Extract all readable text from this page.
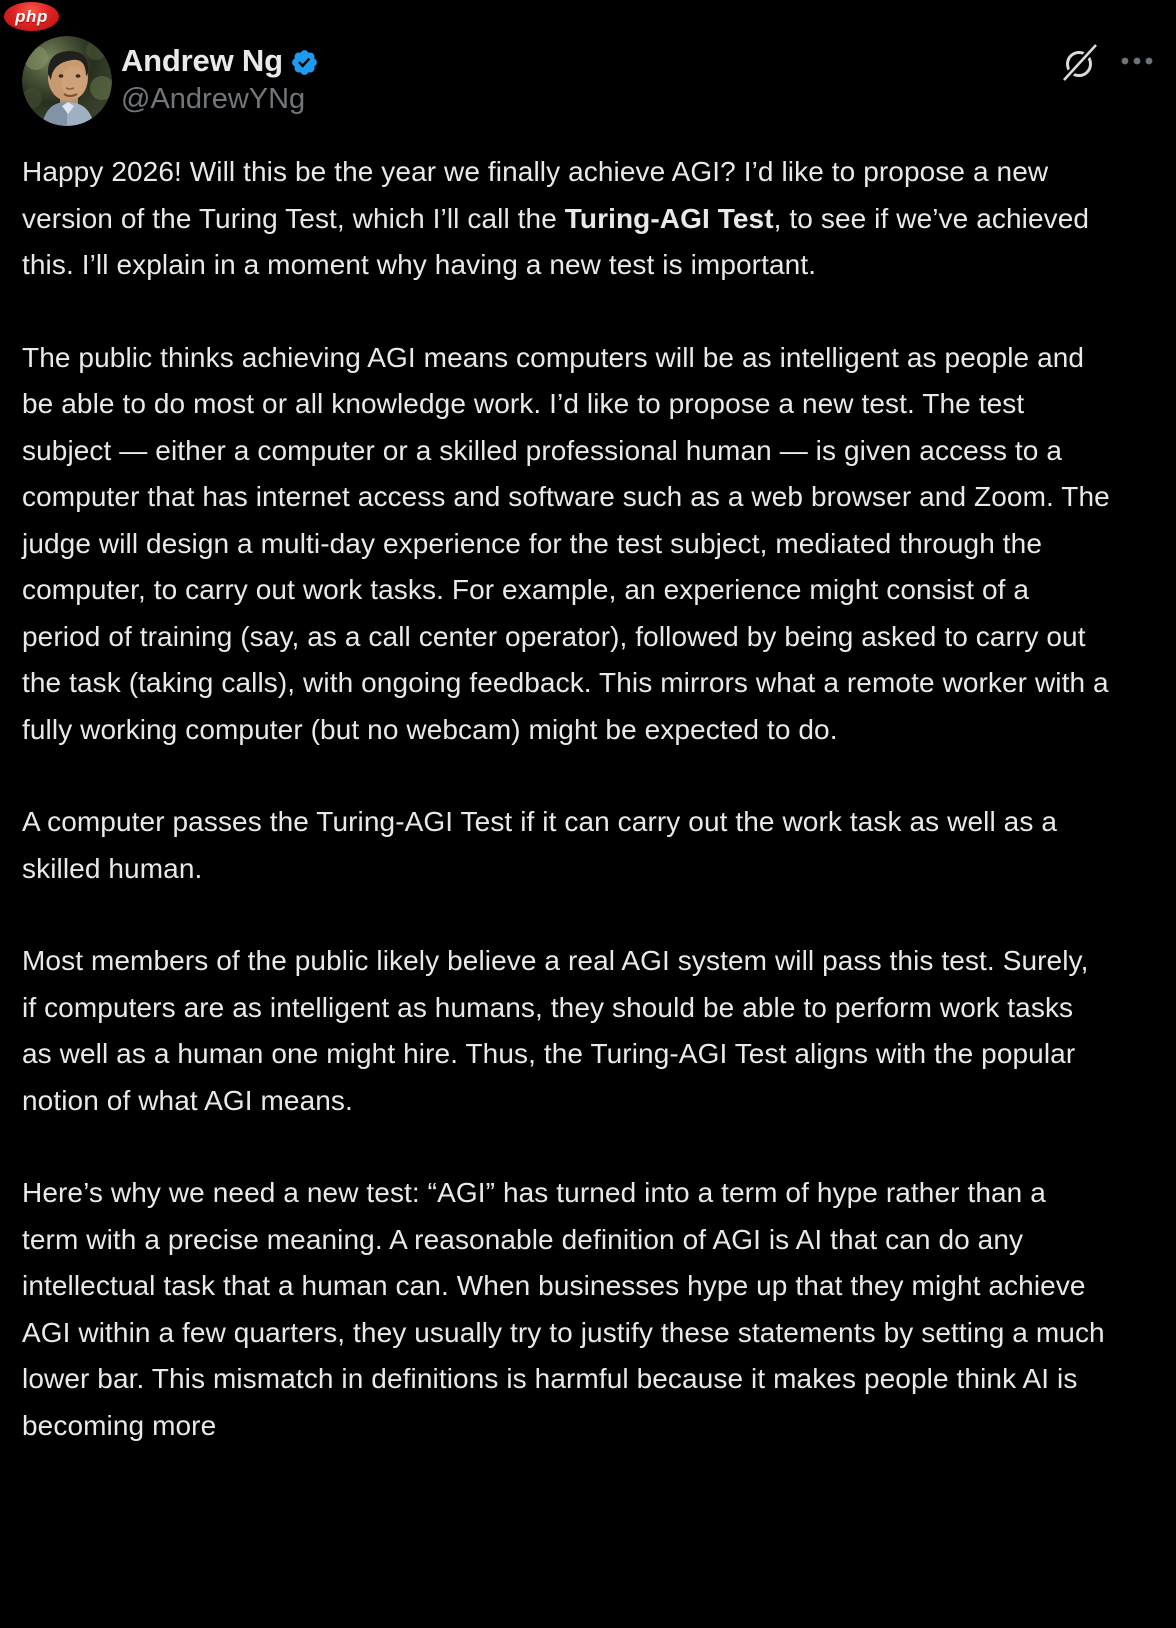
php
Andrew Ng
@AndrewYNg

Happy 2026! Will this be the year we finally achieve AGI? I’d like to propose a new version of the Turing Test, which I’ll call the Turing-AGI Test, to see if we’ve achieved this. I’ll explain in a moment why having a new test is important.

The public thinks achieving AGI means computers will be as intelligent as people and be able to do most or all knowledge work. I’d like to propose a new test. The test subject — either a computer or a skilled professional human — is given access to a computer that has internet access and software such as a web browser and Zoom. The judge will design a multi-day experience for the test subject, mediated through the computer, to carry out work tasks. For example, an experience might consist of a period of training (say, as a call center operator), followed by being asked to carry out the task (taking calls), with ongoing feedback. This mirrors what a remote worker with a fully working computer (but no webcam) might be expected to do.

A computer passes the Turing-AGI Test if it can carry out the work task as well as a skilled human.

Most members of the public likely believe a real AGI system will pass this test. Surely, if computers are as intelligent as humans, they should be able to perform work tasks as well as a human one might hire. Thus, the Turing-AGI Test aligns with the popular notion of what AGI means.

Here’s why we need a new test: “AGI” has turned into a term of hype rather than a term with a precise meaning. A reasonable definition of AGI is AI that can do any intellectual task that a human can. When businesses hype up that they might achieve AGI within a few quarters, they usually try to justify these statements by setting a much lower bar. This mismatch in definitions is harmful because it makes people think AI is becoming more
